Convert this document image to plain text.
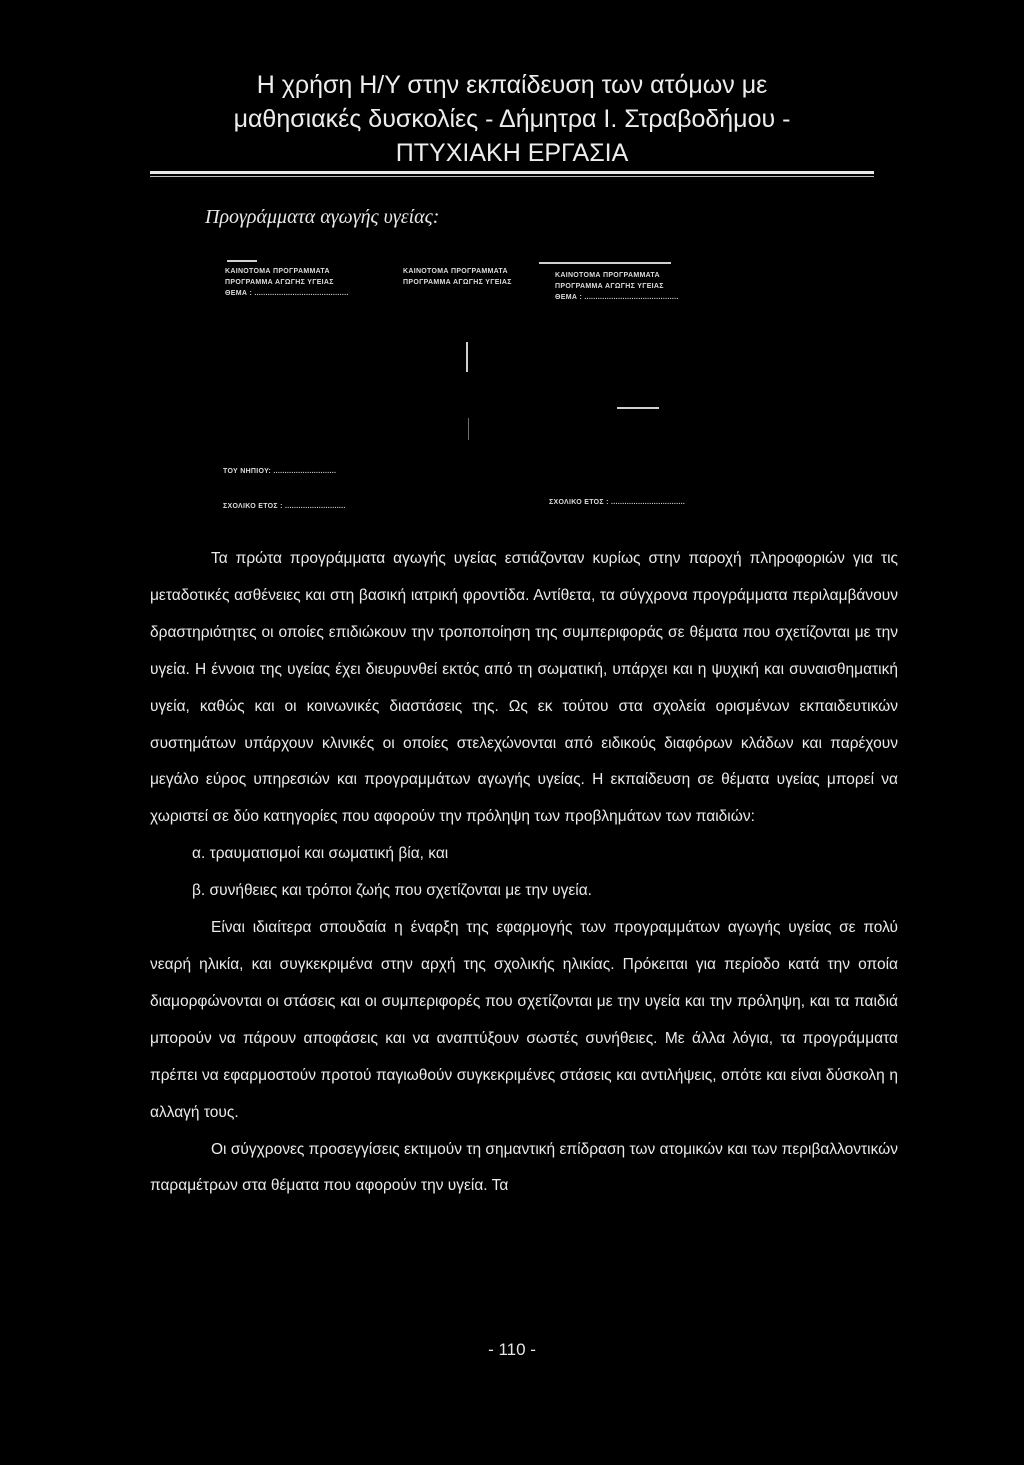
Η χρήση Η/Υ στην εκπαίδευση των ατόμων με
μαθησιακές δυσκολίες - Δήμητρα Ι. Στραβοδήμου -
ΠΤΥΧΙΑΚΗ ΕΡΓΑΣΙΑ
Προγράμματα αγωγής υγείας:
ΚΑΙΝΟΤΟΜΑ ΠΡΟΓΡΑΜΜΑΤΑ
ΠΡΟΓΡΑΜΜΑ ΑΓΩΓΗΣ ΥΓΕΙΑΣ
ΘΕΜΑ : ..........................................
ΚΑΙΝΟΤΟΜΑ ΠΡΟΓΡΑΜΜΑΤΑ
ΠΡΟΓΡΑΜΜΑ ΑΓΩΓΗΣ ΥΓΕΙΑΣ
ΚΑΙΝΟΤΟΜΑ ΠΡΟΓΡΑΜΜΑΤΑ
ΠΡΟΓΡΑΜΜΑ ΑΓΩΓΗΣ ΥΓΕΙΑΣ
ΘΕΜΑ : ..........................................
ΤΟΥ ΝΗΠΙΟΥ: ............................
ΣΧΟΛΙΚΟ ΕΤΟΣ : ...........................
ΣΧΟΛΙΚΟ ΕΤΟΣ : .................................

Τα πρώτα προγράμματα αγωγής υγείας εστιάζονταν κυρίως στην παροχή πληροφοριών για τις μεταδοτικές ασθένειες και στη βασική ιατρική φροντίδα. Αντίθετα, τα σύγχρονα προγράμματα περιλαμβάνουν δραστηριότητες οι οποίες επιδιώκουν την τροποποίηση της συμπεριφοράς σε θέματα που σχετίζονται με την υγεία. Η έννοια της υγείας έχει διευρυνθεί εκτός από τη σωματική, υπάρχει και η ψυχική και συναισθηματική υγεία, καθώς και οι κοινωνικές διαστάσεις της. Ως εκ τούτου στα σχολεία ορισμένων εκπαιδευτικών συστημάτων υπάρχουν κλινικές οι οποίες στελεχώνονται από ειδικούς διαφόρων κλάδων και παρέχουν μεγάλο εύρος υπηρεσιών και προγραμμάτων αγωγής υγείας. Η εκπαίδευση σε θέματα υγείας μπορεί να χωριστεί σε δύο κατηγορίες που αφορούν την πρόληψη των προβλημάτων των παιδιών:

α. τραυματισμοί και σωματική βία, και

β. συνήθειες και τρόποι ζωής που σχετίζονται με την υγεία.

Είναι ιδιαίτερα σπουδαία η έναρξη της εφαρμογής των προγραμμάτων αγωγής υγείας σε πολύ νεαρή ηλικία, και συγκεκριμένα στην αρχή της σχολικής ηλικίας. Πρόκειται για περίοδο κατά την οποία διαμορφώνονται οι στάσεις και οι συμπεριφορές που σχετίζονται με την υγεία και την πρόληψη, και τα παιδιά μπορούν να πάρουν αποφάσεις και να αναπτύξουν σωστές συνήθειες. Με άλλα λόγια, τα προγράμματα πρέπει να εφαρμοστούν προτού παγιωθούν συγκεκριμένες στάσεις και αντιλήψεις, οπότε και είναι δύσκολη η αλλαγή τους.

Οι σύγχρονες προσεγγίσεις εκτιμούν τη σημαντική επίδραση των ατομικών και των περιβαλλοντικών παραμέτρων στα θέματα που αφορούν την υγεία. Τα

- 110 -
